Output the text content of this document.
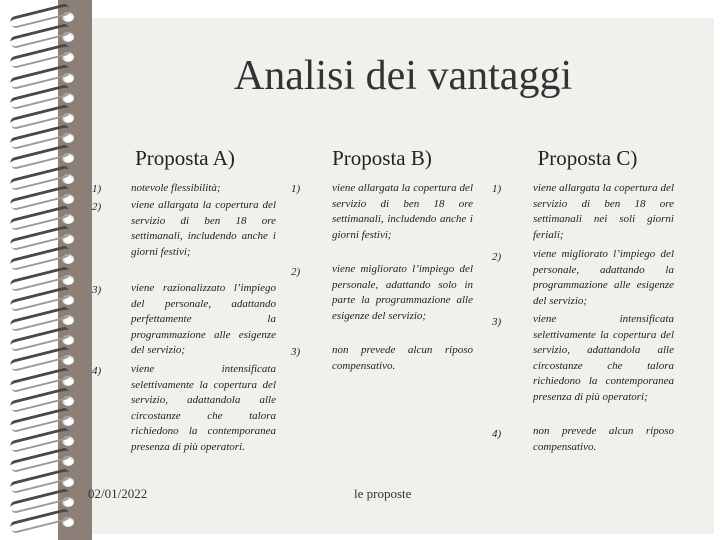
Analisi dei vantaggi
Proposta A)
1)	notevole flessibilità;
2)	viene allargata la copertura del servizio di ben 18 ore settimanali, includendo anche i giorni festivi;
3)	viene razionalizzato l’impiego del personale, adattando perfettamente la programmazione alle esigenze del servizio;
4)	viene intensificata selettivamente la copertura del servizio, adattandola alle circostanze che talora richiedono la contemporanea presenza di più operatori.
Proposta B)
1)	viene allargata la copertura del servizio di ben 18 ore settimanali, includendo anche i giorni festivi;
2)	viene migliorato l’impiego del personale, adattando solo in parte la programmazione alle esigenze del servizio;
3)	non prevede alcun riposo compensativo.
Proposta C)
1)	viene allargata la copertura del servizio di ben 18 ore settimanali nei soli giorni feriali;
2)	viene migliorato l’impiego del personale, adattando la programmazione alle esigenze del servizio;
3)	viene intensificata selettivamente la copertura del servizio, adattandola alle circostanze che talora richiedono la contemporanea presenza di più operatori;
4)	non prevede alcun riposo compensativo.
02/01/2022	le proposte
